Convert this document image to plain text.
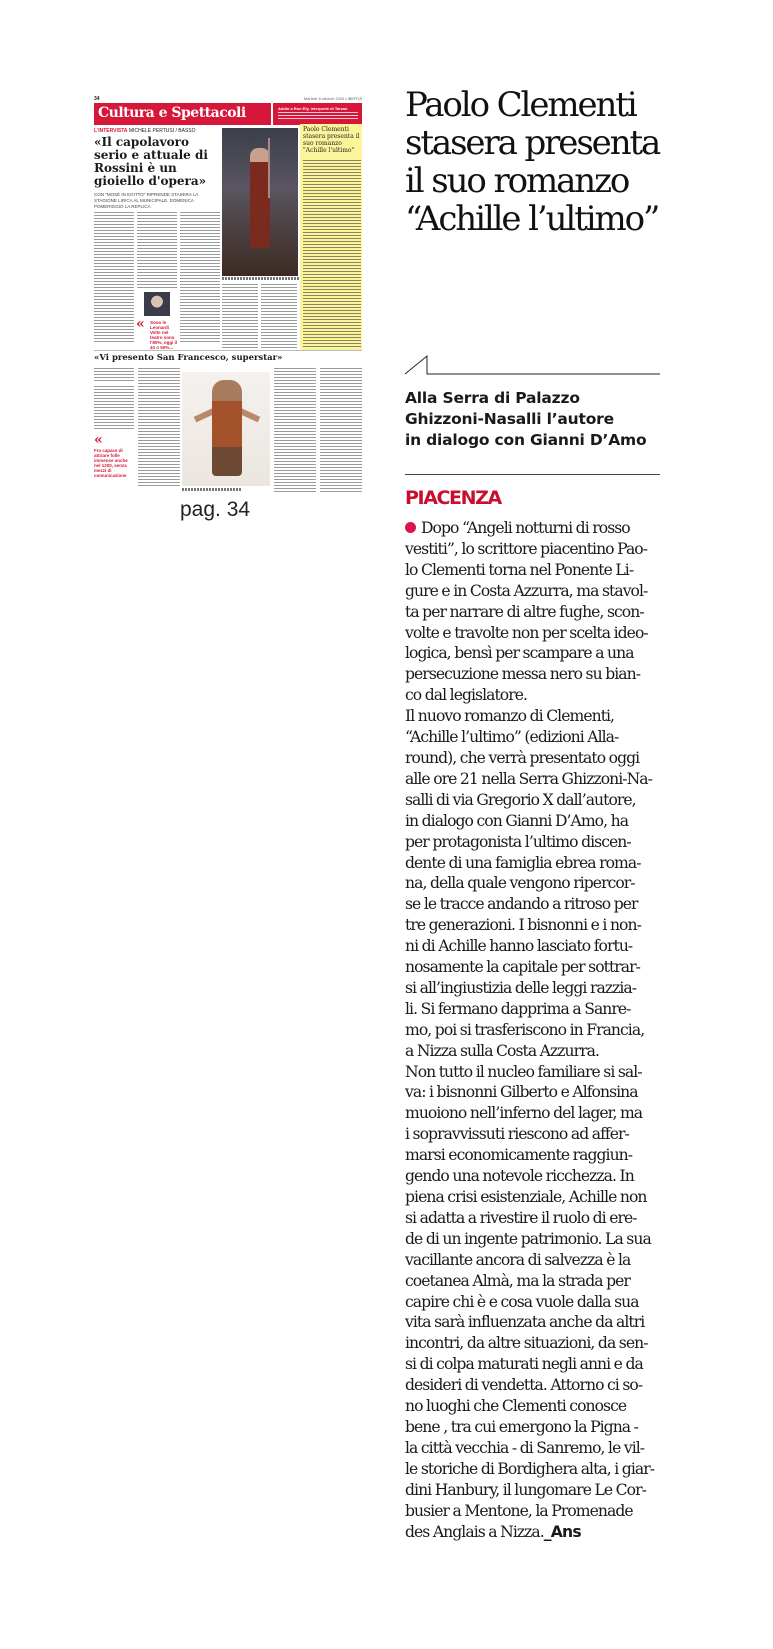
34	Martedì 8 ottobre 2024 LIBERTÀ
Cultura e Spettacoli	Addio a Ron Ely, interprete di Tarzan
L'INTERVISTA MICHELE PERTUSI / BASSO
«Il capolavoro serio e attuale di Rossini è un gioiello d'opera»
CON "MOSÈ IN EGITTO" RIPRENDE STASERA LA STAGIONE LIRICA AL MUNICIPALE. DOMENICA POMERIGGIO LA REPLICA
Paolo Clementi stasera presenta il suo romanzo "Achille l'ultimo"
« Sono le Leonardi Volte nel teatro sono l'80%, oggi il 40 o 50%...
«Vi presento San Francesco, superstar»
«
Fra capace di attirare folle immense anche nel 1200, senza mezzi di comunicazione
pag. 34
Paolo Clementi
stasera presenta
il suo romanzo
“Achille l’ultimo”
Alla Serra di Palazzo
Ghizzoni-Nasalli l’autore
in dialogo con Gianni D’Amo
PIACENZA
Dopo “Angeli notturni di rosso
vestiti”, lo scrittore piacentino Pao-
lo Clementi torna nel Ponente Li-
gure e in Costa Azzurra, ma stavol-
ta per narrare di altre fughe, scon-
volte e travolte non per scelta ideo-
logica, bensì per scampare a una
persecuzione messa nero su bian-
co dal legislatore.
Il nuovo romanzo di Clementi,
“Achille l’ultimo” (edizioni Alla-
round), che verrà presentato oggi
alle ore 21 nella Serra Ghizzoni-Na-
salli di via Gregorio X dall’autore,
in dialogo con Gianni D’Amo, ha
per protagonista l’ultimo discen-
dente di una famiglia ebrea roma-
na, della quale vengono ripercor-
se le tracce andando a ritroso per
tre generazioni. I bisnonni e i non-
ni di Achille hanno lasciato fortu-
nosamente la capitale per sottrar-
si all’ingiustizia delle leggi razzia-
li. Si fermano dapprima a Sanre-
mo, poi si trasferiscono in Francia,
a Nizza sulla Costa Azzurra.
Non tutto il nucleo familiare si sal-
va: i bisnonni Gilberto e Alfonsina
muoiono nell’inferno del lager, ma
i sopravvissuti riescono ad affer-
marsi economicamente raggiun-
gendo una notevole ricchezza. In
piena crisi esistenziale, Achille non
si adatta a rivestire il ruolo di ere-
de di un ingente patrimonio. La sua
vacillante ancora di salvezza è la
coetanea Almà, ma la strada per
capire chi è e cosa vuole dalla sua
vita sarà influenzata anche da altri
incontri, da altre situazioni, da sen-
si di colpa maturati negli anni e da
desideri di vendetta. Attorno ci so-
no luoghi che Clementi conosce
bene , tra cui emergono la Pigna -
la città vecchia - di Sanremo, le vil-
le storiche di Bordighera alta, i giar-
dini Hanbury, il lungomare Le Cor-
busier a Mentone, la Promenade
des Anglais a Nizza._Ans
